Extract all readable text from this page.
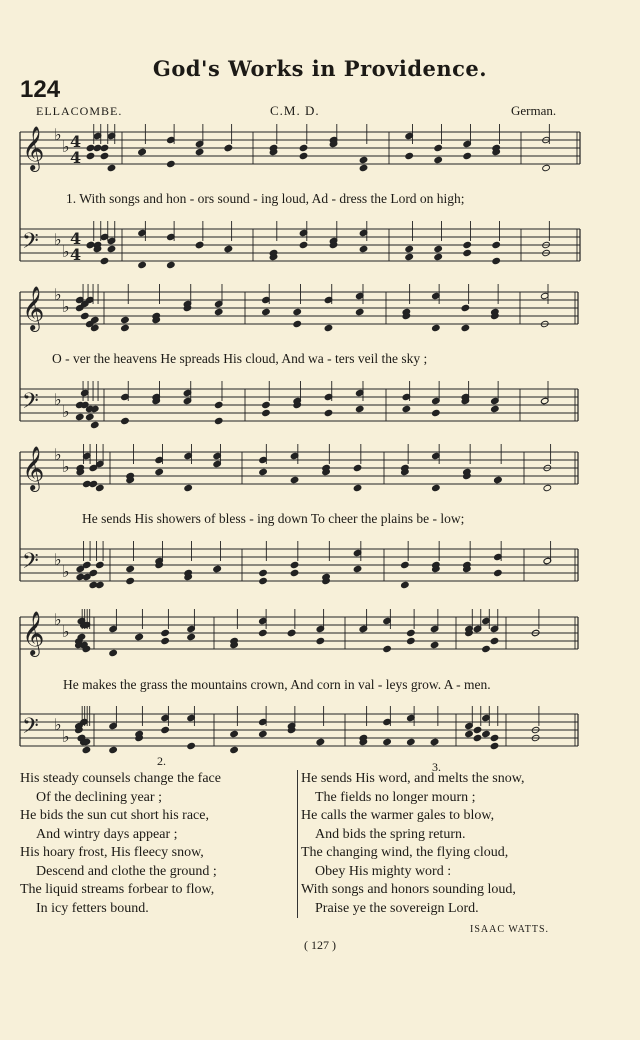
God's Works in Providence.
124
ELLACOMBE.	C.M. D.	German.
𝄞 ♭
♭ 4
4
𝄢 ♭
♭
4
4
𝄞 ♭
♭
𝄢 ♭
♭
𝄞 ♭
♭
𝄢 ♭
♭
𝄞 ♭
♭
𝄢 ♭
♭
1. With songs and hon - ors sound - ing loud, Ad - dress the Lord on high;
O - ver the heavens He spreads His cloud, And wa - ters veil the sky ;
He sends His showers of bless - ing down To cheer the plains be - low;
He makes the grass the mountains crown, And corn in val - leys grow. A - men.
2.	3.
His steady counsels change the face
Of the declining year ;
He bids the sun cut short his race,
And wintry days appear ;
His hoary frost, His fleecy snow,
Descend and clothe the ground ;
The liquid streams forbear to flow,
In icy fetters bound.
He sends His word, and melts the snow,
The fields no longer mourn ;
He calls the warmer gales to blow,
And bids the spring return.
The changing wind, the flying cloud,
Obey His mighty word :
With songs and honors sounding loud,
Praise ye the sovereign Lord.
ISAAC WATTS.
( 127 )
